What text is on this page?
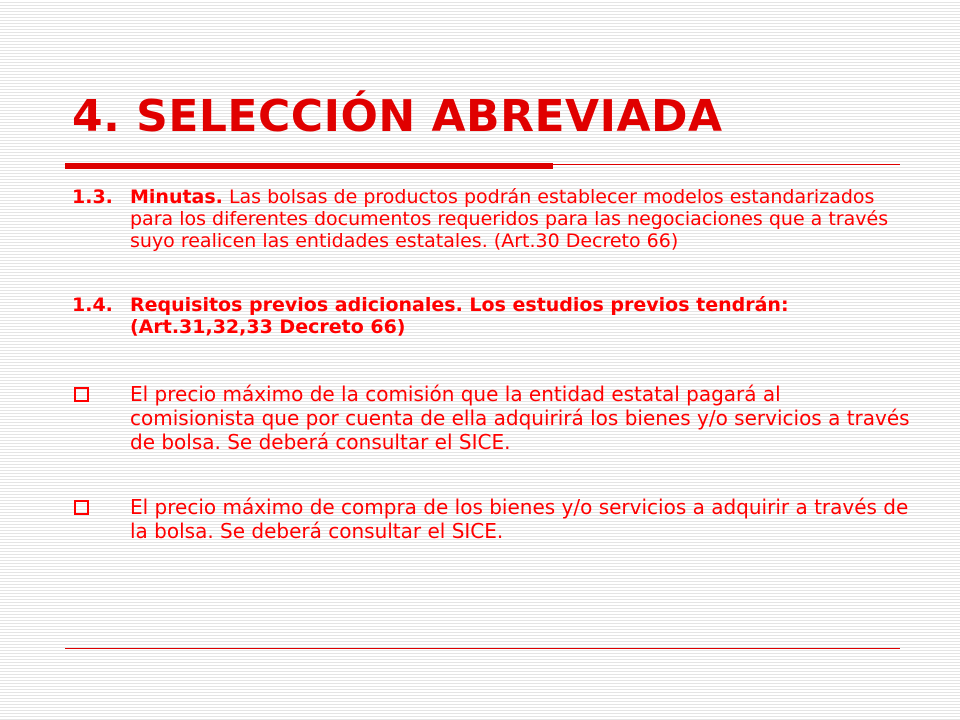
4. SELECCIÓN ABREVIADA
1.3. Minutas. Las bolsas de productos podrán establecer modelos estandarizados para los diferentes documentos requeridos para las negociaciones que a través suyo realicen las entidades estatales. (Art.30 Decreto 66)
1.4. Requisitos previos adicionales. Los estudios previos tendrán: (Art.31,32,33 Decreto 66)
El precio máximo de la comisión que la entidad estatal pagará al comisionista que por cuenta de ella adquirirá los bienes y/o servicios a través de bolsa. Se deberá consultar el SICE.
El precio máximo de compra de los bienes y/o servicios a adquirir a través de la bolsa. Se deberá consultar el SICE.
